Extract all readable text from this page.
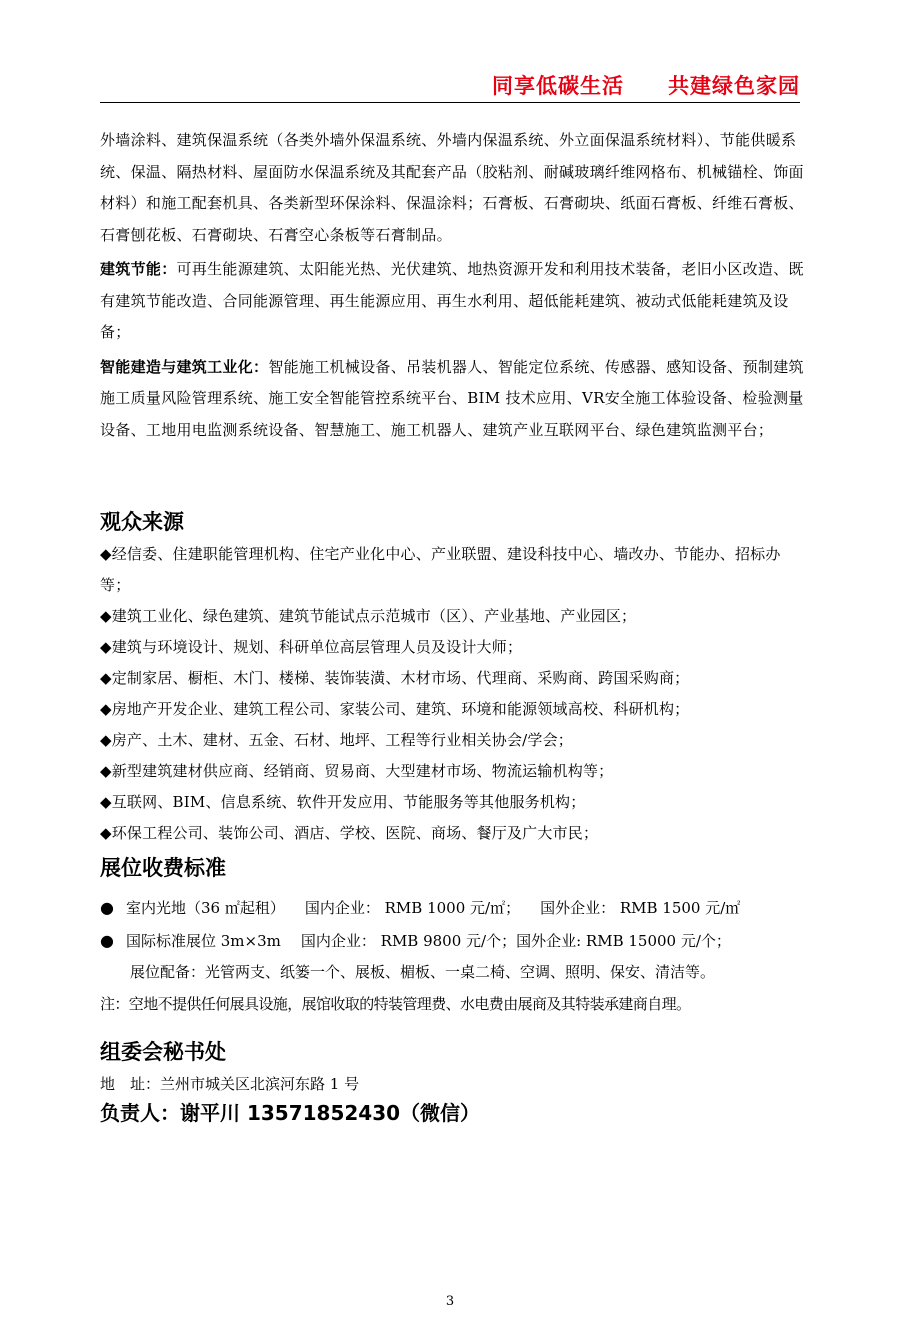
同享低碳生活 共建绿色家园

外墙涂料、建筑保温系统（各类外墙外保温系统、外墙内保温系统、外立面保温系统材料）、节能供暖系统、保温、隔热材料、屋面防水保温系统及其配套产品（胶粘剂、耐碱玻璃纤维网格布、机械锚栓、饰面材料）和施工配套机具、各类新型环保涂料、保温涂料；石膏板、石膏砌块、纸面石膏板、纤维石膏板、石膏刨花板、石膏砌块、石膏空心条板等石膏制品。

建筑节能：可再生能源建筑、太阳能光热、光伏建筑、地热资源开发和利用技术装备，老旧小区改造、既有建筑节能改造、合同能源管理、再生能源应用、再生水利用、超低能耗建筑、被动式低能耗建筑及设备；

智能建造与建筑工业化：智能施工机械设备、吊装机器人、智能定位系统、传感器、感知设备、预制建筑施工质量风险管理系统、施工安全智能管控系统平台、BIM 技术应用、VR安全施工体验设备、检验测量设备、工地用电监测系统设备、智慧施工、施工机器人、建筑产业互联网平台、绿色建筑监测平台；

观众来源

◆经信委、住建职能管理机构、住宅产业化中心、产业联盟、建设科技中心、墙改办、节能办、招标办等；

◆建筑工业化、绿色建筑、建筑节能试点示范城市（区）、产业基地、产业园区；

◆建筑与环境设计、规划、科研单位高层管理人员及设计大师；

◆定制家居、橱柜、木门、楼梯、装饰装潢、木材市场、代理商、采购商、跨国采购商；

◆房地产开发企业、建筑工程公司、家装公司、建筑、环境和能源领域高校、科研机构；

◆房产、土木、建材、五金、石材、地坪、工程等行业相关协会/学会；

◆新型建筑建材供应商、经销商、贸易商、大型建材市场、物流运输机构等；

◆互联网、BIM、信息系统、软件开发应用、节能服务等其他服务机构；

◆环保工程公司、装饰公司、酒店、学校、医院、商场、餐厅及广大市民；

展位收费标准

● 室内光地（36 ㎡起租） 国内企业： RMB 1000 元/㎡； 国外企业： RMB 1500 元/㎡

● 国际标准展位 3m×3m 国内企业： RMB 9800 元/个；国外企业: RMB 15000 元/个；

展位配备：光管两支、纸篓一个、展板、楣板、一桌二椅、空调、照明、保安、清洁等。

注：空地不提供任何展具设施，展馆收取的特装管理费、水电费由展商及其特装承建商自理。

组委会秘书处
地　址：兰州市城关区北滨河东路 1 号
负责人：谢平川 13571852430（微信）
3
